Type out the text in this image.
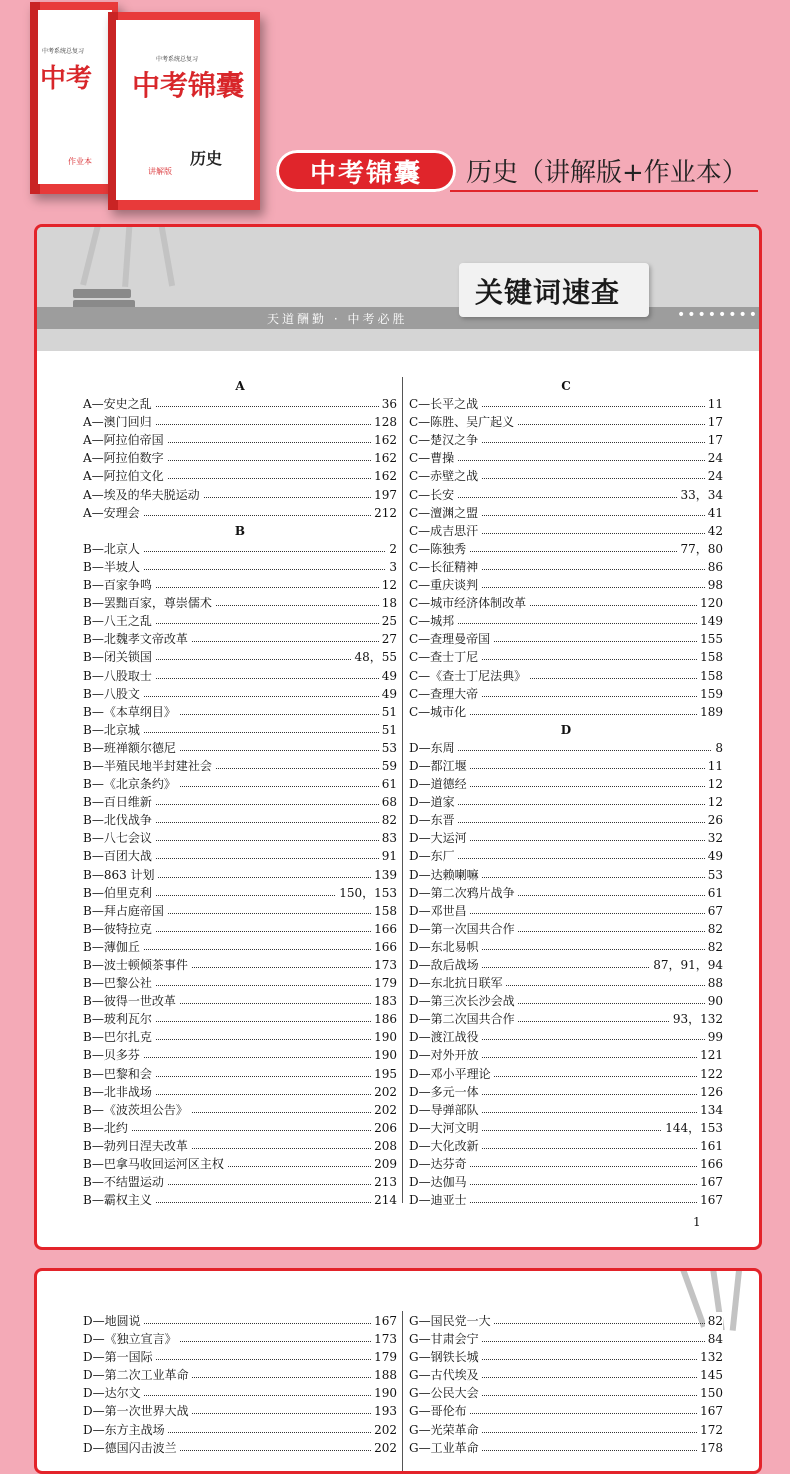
中考系统总复习
中考
作业本
中考系统总复习
中考锦囊
历史
讲解版	中考锦囊	历史（讲解版+作业本）
天道酬勤 · 中考必胜	••••••••
关键词速查
A
A—安史之乱	36
A—澳门回归	128
A—阿拉伯帝国	162
A—阿拉伯数字	162
A—阿拉伯文化	162
A—埃及的华夫脱运动	197
A—安理会	212
B
B—北京人	2
B—半坡人	3
B—百家争鸣	12
B—罢黜百家，尊崇儒术	18
B—八王之乱	25
B—北魏孝文帝改革	27
B—闭关锁国	48，55
B—八股取士	49
B—八股文	49
B—《本草纲目》	51
B—北京城	51
B—班禅额尔德尼	53
B—半殖民地半封建社会	59
B—《北京条约》	61
B—百日维新	68
B—北伐战争	82
B—八七会议	83
B—百团大战	91
B—863 计划	139
B—伯里克利	150，153
B—拜占庭帝国	158
B—彼特拉克	166
B—薄伽丘	166
B—波士顿倾茶事件	173
B—巴黎公社	179
B—彼得一世改革	183
B—玻利瓦尔	186
B—巴尔扎克	190
B—贝多芬	190
B—巴黎和会	195
B—北非战场	202
B—《波茨坦公告》	202
B—北约	206
B—勃列日涅夫改革	208
B—巴拿马收回运河区主权	209
B—不结盟运动	213
B—霸权主义	214
C
C—长平之战	11
C—陈胜、吴广起义	17
C—楚汉之争	17
C—曹操	24
C—赤壁之战	24
C—长安	33，34
C—澶渊之盟	41
C—成吉思汗	42
C—陈独秀	77，80
C—长征精神	86
C—重庆谈判	98
C—城市经济体制改革	120
C—城邦	149
C—查理曼帝国	155
C—查士丁尼	158
C—《查士丁尼法典》	158
C—查理大帝	159
C—城市化	189
D
D—东周	8
D—都江堰	11
D—道德经	12
D—道家	12
D—东晋	26
D—大运河	32
D—东厂	49
D—达赖喇嘛	53
D—第二次鸦片战争	61
D—邓世昌	67
D—第一次国共合作	82
D—东北易帜	82
D—敌后战场	87，91，94
D—东北抗日联军	88
D—第三次长沙会战	90
D—第二次国共合作	93，132
D—渡江战役	99
D—对外开放	121
D—邓小平理论	122
D—多元一体	126
D—导弹部队	134
D—大河文明	144，153
D—大化改新	161
D—达芬奇	166
D—达伽马	167
D—迪亚士	167
1
D—地圆说	167
D—《独立宣言》	173
D—第一国际	179
D—第二次工业革命	188
D—达尔文	190
D—第一次世界大战	193
D—东方主战场	202
D—德国闪击波兰	202
G—国民党一大	82
G—甘肃会宁	84
G—钢铁长城	132
G—古代埃及	145
G—公民大会	150
G—哥伦布	167
G—光荣革命	172
G—工业革命	178
